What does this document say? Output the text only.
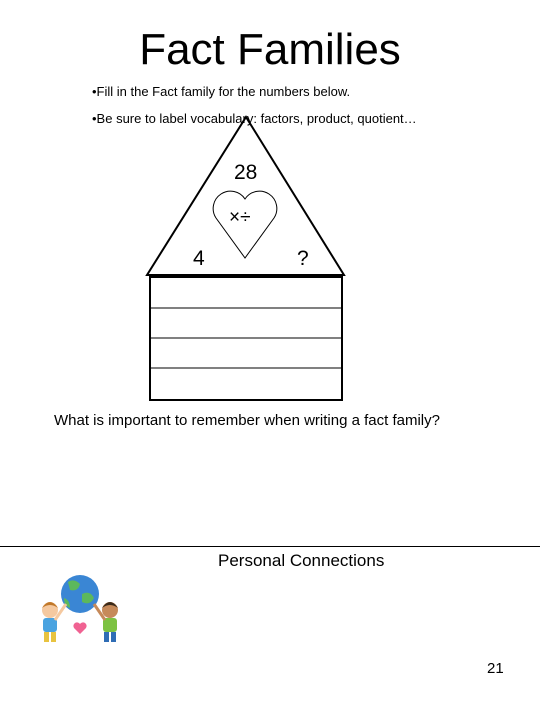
Fact Families
•Fill in the Fact family for the numbers below.
•Be sure to label vocabulary: factors, product, quotient…
28
×÷
4	?
What is important to remember when writing a fact family?
Personal Connections
21
